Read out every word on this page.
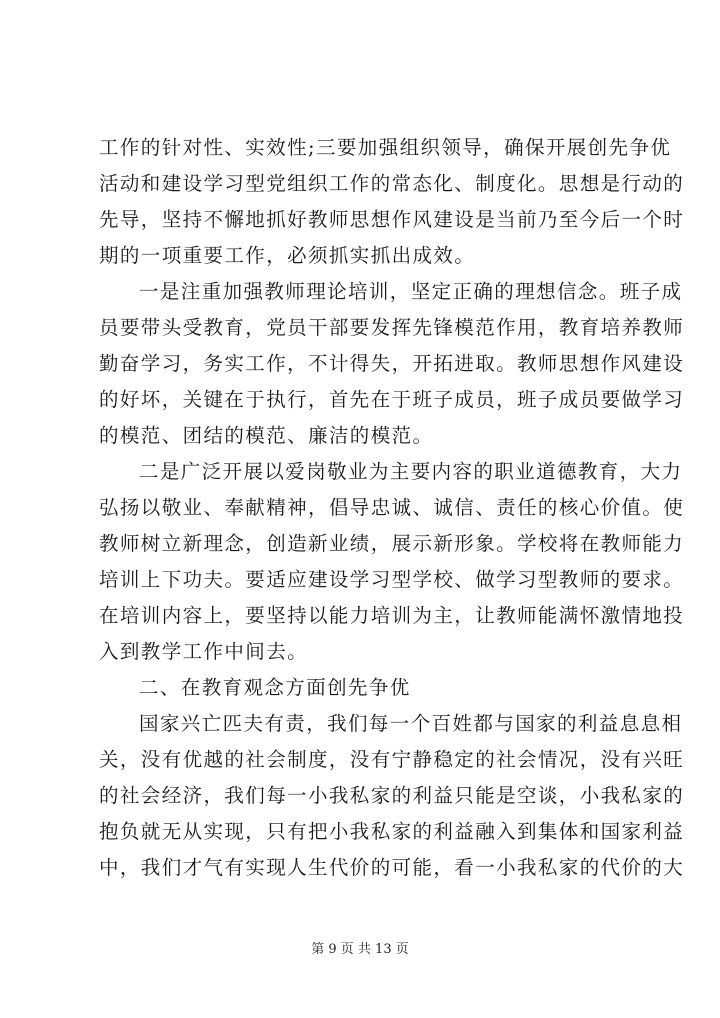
工作的针对性、实效性;三要加强组织领导，确保开展创先争优
活动和建设学习型党组织工作的常态化、制度化。思想是行动的
先导，坚持不懈地抓好教师思想作风建设是当前乃至今后一个时
期的一项重要工作，必须抓实抓出成效。
一是注重加强教师理论培训，坚定正确的理想信念。班子成
员要带头受教育，党员干部要发挥先锋模范作用，教育培养教师
勤奋学习，务实工作，不计得失，开拓进取。教师思想作风建设
的好坏，关键在于执行，首先在于班子成员，班子成员要做学习
的模范、团结的模范、廉洁的模范。
二是广泛开展以爱岗敬业为主要内容的职业道德教育，大力
弘扬以敬业、奉献精神，倡导忠诚、诚信、责任的核心价值。使
教师树立新理念，创造新业绩，展示新形象。学校将在教师能力
培训上下功夫。要适应建设学习型学校、做学习型教师的要求。
在培训内容上，要坚持以能力培训为主，让教师能满怀激情地投
入到教学工作中间去。
二、在教育观念方面创先争优
国家兴亡匹夫有责，我们每一个百姓都与国家的利益息息相
关，没有优越的社会制度，没有宁静稳定的社会情况，没有兴旺
的社会经济，我们每一小我私家的利益只能是空谈，小我私家的
抱负就无从实现，只有把小我私家的利益融入到集体和国家利益
中，我们才气有实现人生代价的可能，看一小我私家的代价的大
第 9 页 共 13 页
